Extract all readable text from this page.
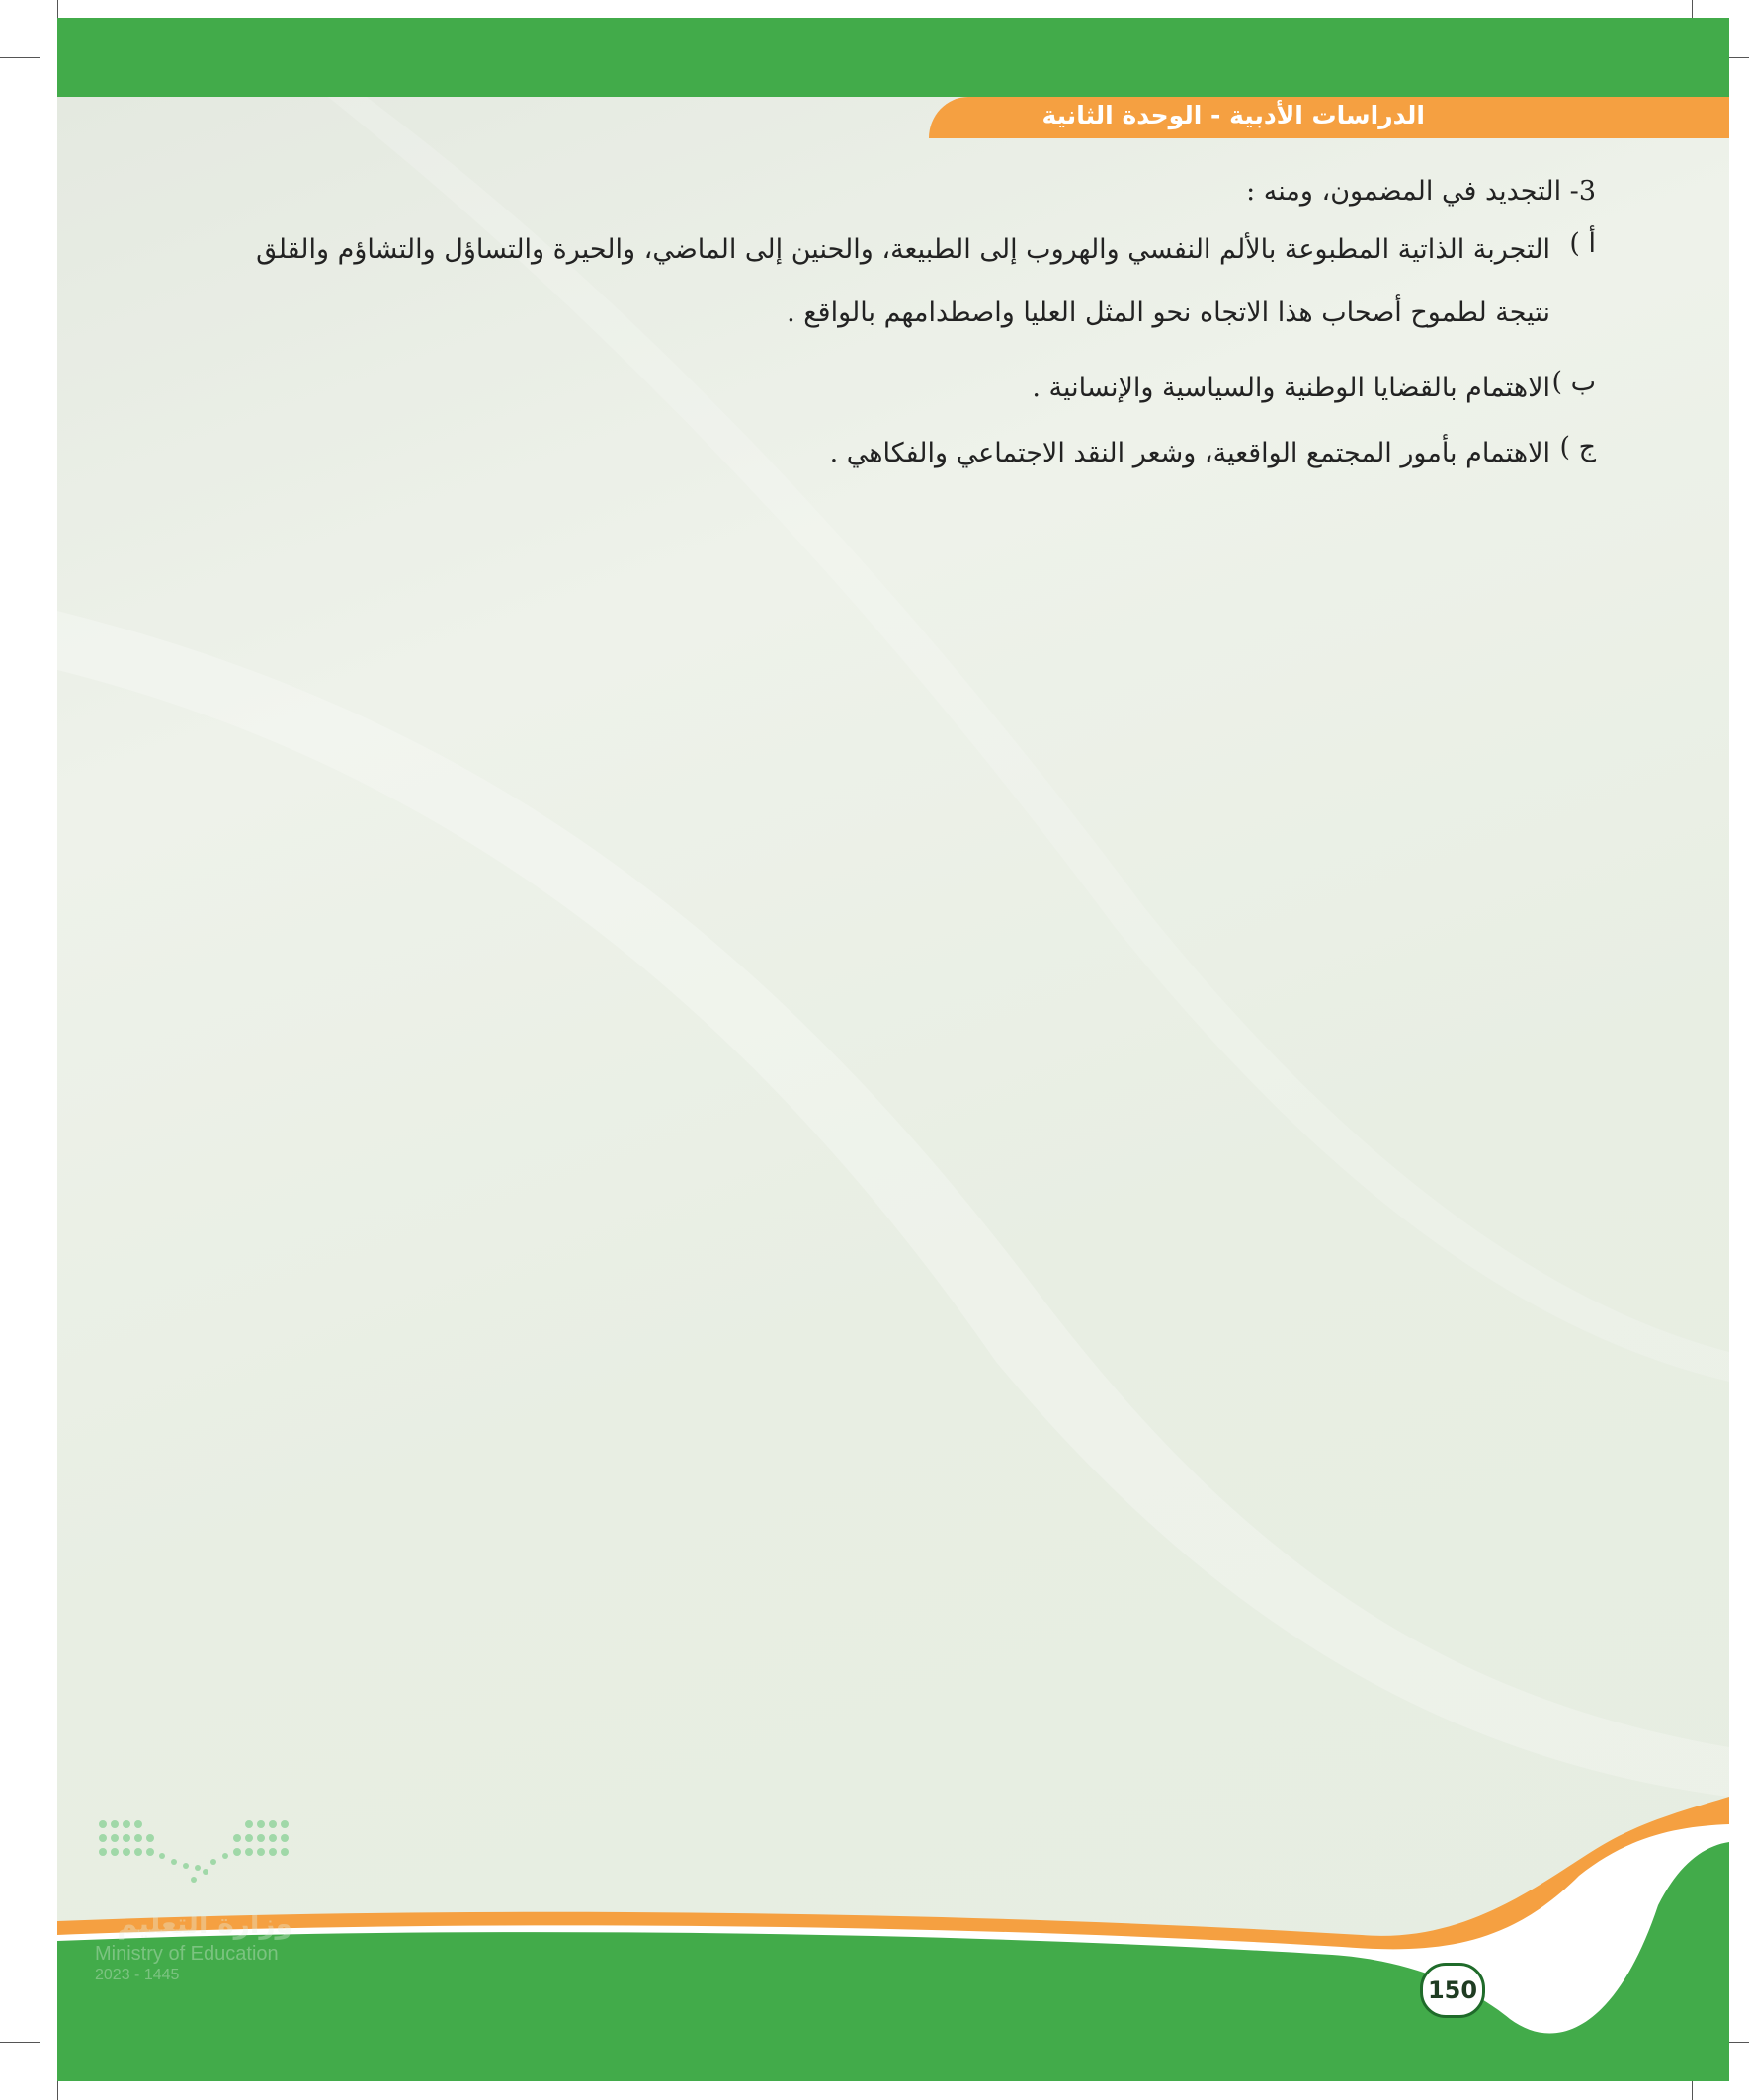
الدراسات الأدبية - الوحدة الثانية
وزارة التعليم
Ministry of Education
2023 - 1445
150

3- التجديد في المضمون، ومنه :

أ )
التجربة الذاتية المطبوعة بالألم النفسي والهروب إلى الطبيعة، والحنين إلى الماضي، والحيرة والتساؤل والتشاؤم والقلق نتيجة لطموح أصحاب هذا الاتجاه نحو المثل العليا واصطدامهم بالواقع .
ب )
الاهتمام بالقضايا الوطنية والسياسية والإنسانية .
ج )
الاهتمام بأمور المجتمع الواقعية، وشعر النقد الاجتماعي والفكاهي .
